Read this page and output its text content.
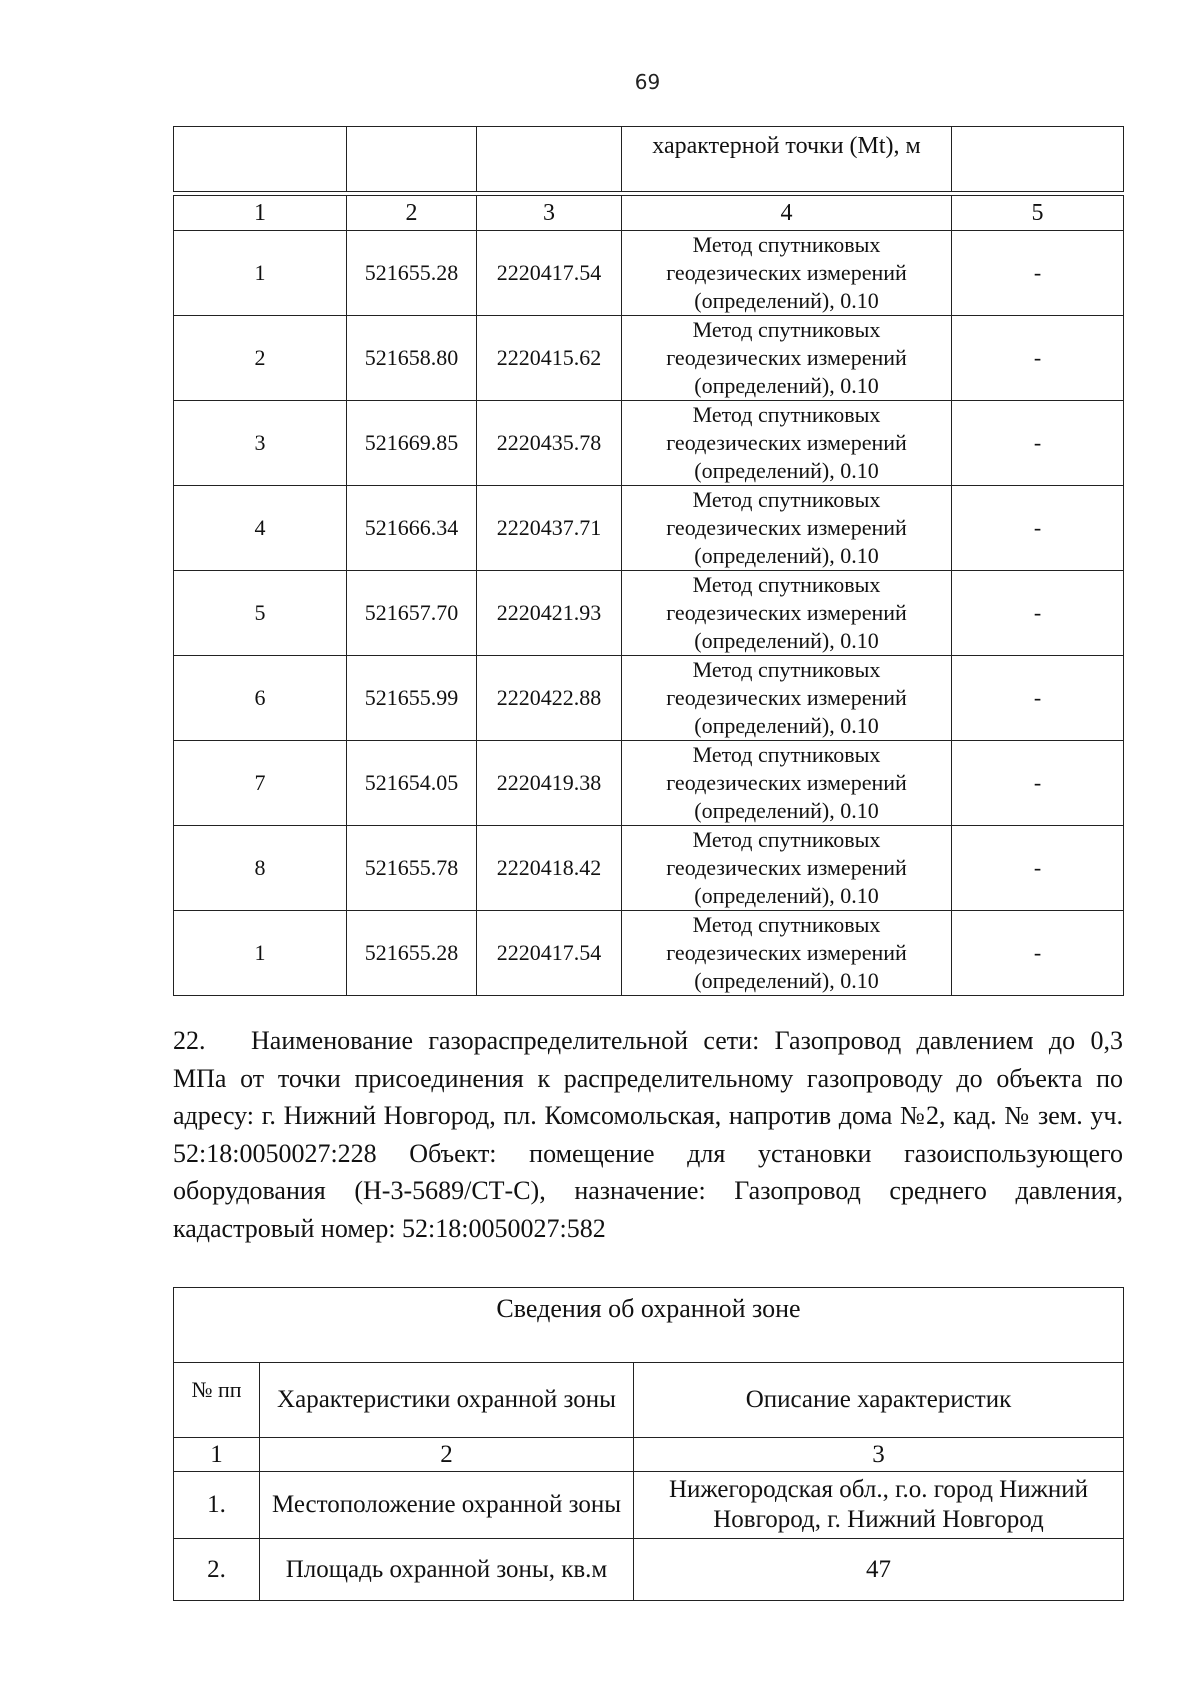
69
			характерной точки (Mt), м	

1	2	3	4	5
1	521655.28	2220417.54	Метод спутниковых
геодезических измерений
(определений), 0.10	-
2	521658.80	2220415.62	Метод спутниковых
геодезических измерений
(определений), 0.10	-
3	521669.85	2220435.78	Метод спутниковых
геодезических измерений
(определений), 0.10	-
4	521666.34	2220437.71	Метод спутниковых
геодезических измерений
(определений), 0.10	-
5	521657.70	2220421.93	Метод спутниковых
геодезических измерений
(определений), 0.10	-
6	521655.99	2220422.88	Метод спутниковых
геодезических измерений
(определений), 0.10	-
7	521654.05	2220419.38	Метод спутниковых
геодезических измерений
(определений), 0.10	-
8	521655.78	2220418.42	Метод спутниковых
геодезических измерений
(определений), 0.10	-
1	521655.28	2220417.54	Метод спутниковых
геодезических измерений
(определений), 0.10	-

22. Наименование газораспределительной сети: Газопровод давлением до 0,3 МПа от точки присоединения к распределительному газопроводу до объекта по адресу: г. Нижний Новгород, пл. Комсомольская, напротив дома №2, кад. № зем. уч. 52:18:0050027:228 Объект: помещение для установки газоиспользующего оборудования (Н-3-5689/СТ-С), назначение: Газопровод среднего давления, кадастровый номер: 52:18:0050027:582

Сведения об охранной зоне		
№ пп	Характеристики охранной зоны	Описание характеристик
1	2	3
1.	Местоположение охранной зоны	Нижегородская обл., г.о. город Нижний Новгород, г. Нижний Новгород
2.	Площадь охранной зоны, кв.м	47
